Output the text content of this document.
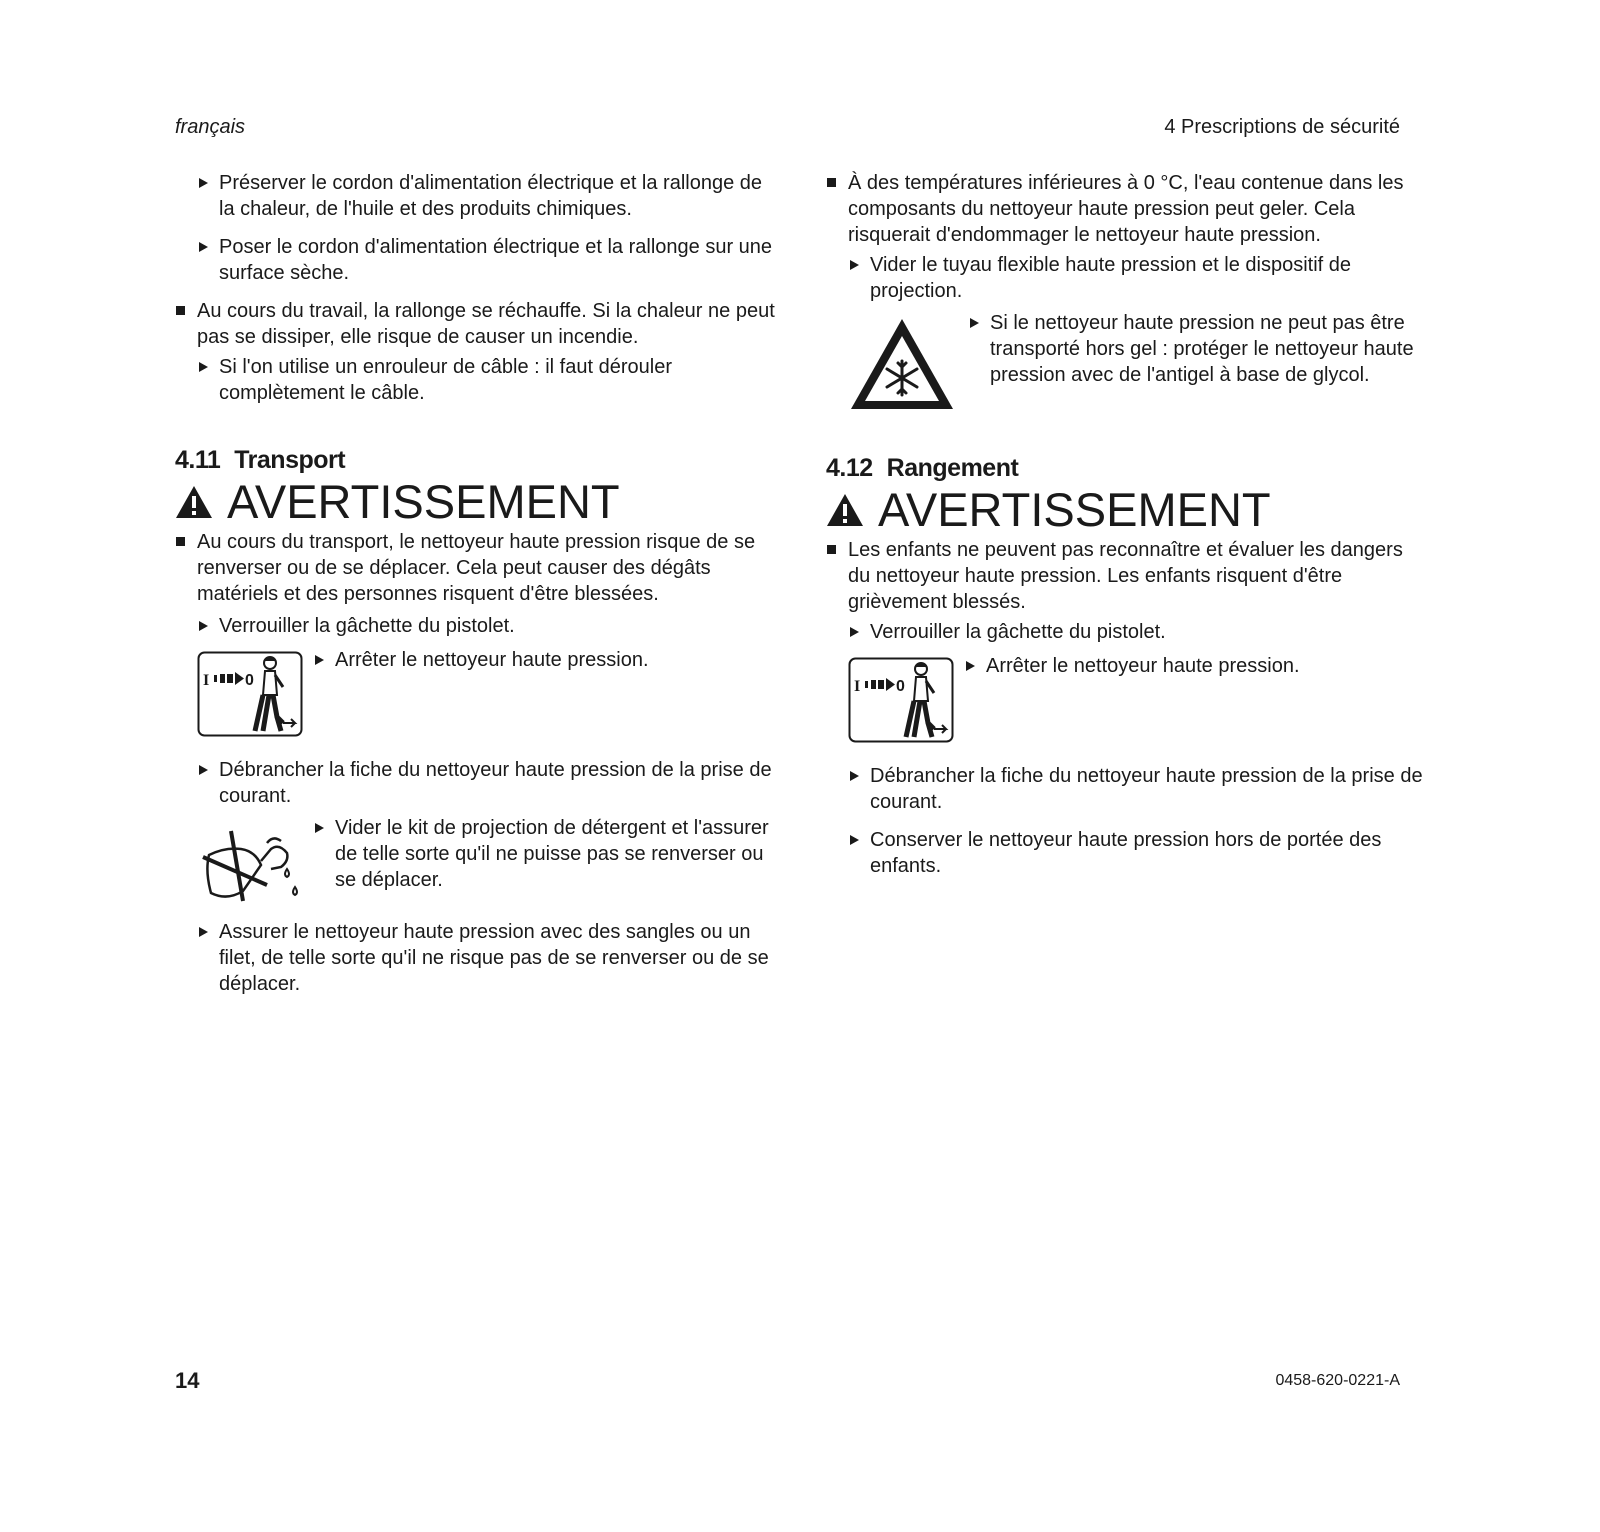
français	4 Prescriptions de sécurité

Préserver le cordon d'alimentation électrique et la rallonge de la chaleur, de l'huile et des produits chimiques.

Poser le cordon d'alimentation électrique et la rallonge sur une surface sèche.

Au cours du travail, la rallonge se réchauffe. Si la chaleur ne peut pas se dissiper, elle risque de causer un incendie.

Si l'on utilise un enrouleur de câble : il faut dérouler complètement le câble.

4.11 Transport
AVERTISSEMENT

Au cours du transport, le nettoyeur haute pression risque de se renverser ou de se déplacer. Cela peut causer des dégâts matériels et des personnes risquent d'être blessées.

Verrouiller la gâchette du pistolet.

I 0

Arrêter le nettoyeur haute pression.

Débrancher la fiche du nettoyeur haute pression de la prise de courant.

Vider le kit de projection de détergent et l'assurer de telle sorte qu'il ne puisse pas se renverser ou se déplacer.

Assurer le nettoyeur haute pression avec des sangles ou un filet, de telle sorte qu'il ne risque pas de se renverser ou de se déplacer.

À des températures inférieures à 0 °C, l'eau contenue dans les composants du nettoyeur haute pression peut geler. Cela risquerait d'endommager le nettoyeur haute pression.

Vider le tuyau flexible haute pression et le dispositif de projection.

Si le nettoyeur haute pression ne peut pas être transporté hors gel : protéger le nettoyeur haute pression avec de l'antigel à base de glycol.

4.12 Rangement
AVERTISSEMENT

Les enfants ne peuvent pas reconnaître et évaluer les dangers du nettoyeur haute pression. Les enfants risquent d'être grièvement blessés.

Verrouiller la gâchette du pistolet.

I 0

Arrêter le nettoyeur haute pression.

Débrancher la fiche du nettoyeur haute pression de la prise de courant.

Conserver le nettoyeur haute pression hors de portée des enfants.

14	0458-620-0221-A
